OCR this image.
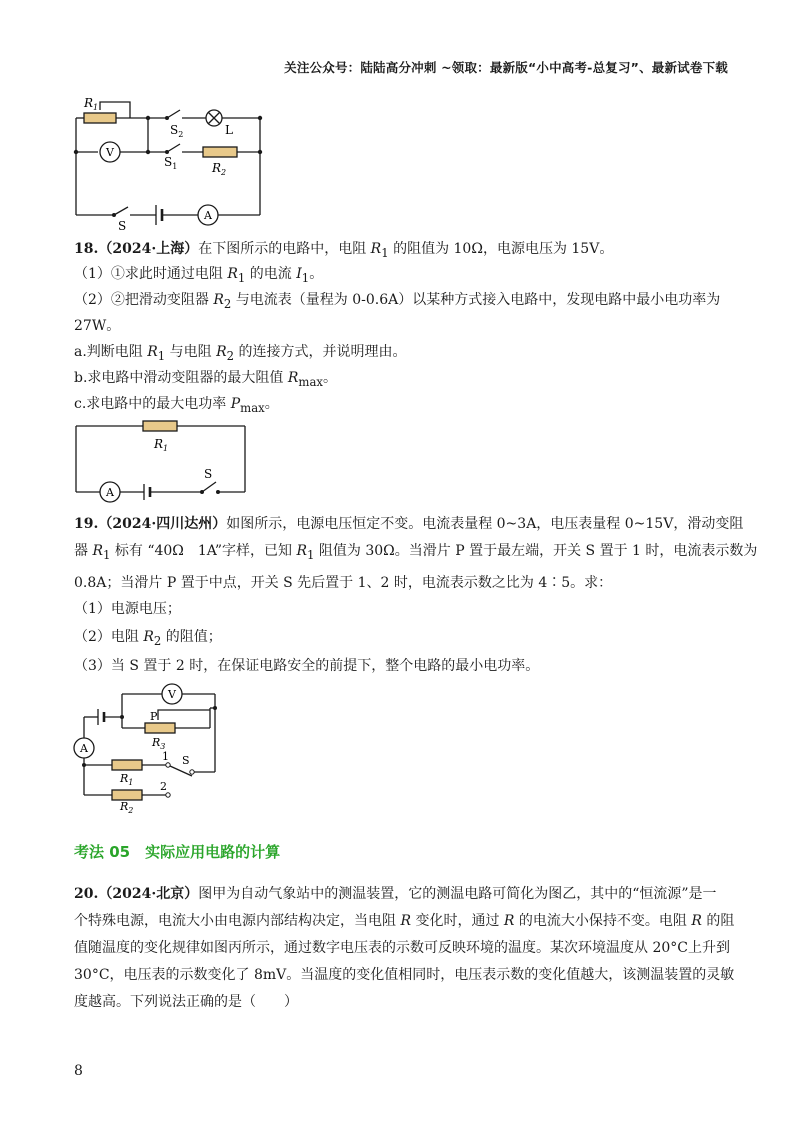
关注公众号：陆陆高分冲刺 ~领取：最新版“小中高考-总复习”、最新试卷下载
$R_1$
$S_2$	L
V
$S_1$	$R_2$
S
A
18.（2024·上海）在下图所示的电路中，电阻 $R_1$ 的阻值为 10Ω，电源电压为 15V。
（1）①求此时通过电阻 $R_1$ 的电流 $I_1$。
（2）②把滑动变阻器 $R_2$ 与电流表（量程为 0-0.6A）以某种方式接入电路中，发现电路中最小电功率为
27W。
a.判断电阻 $R_1$ 与电阻 $R_2$ 的连接方式，并说明理由。
b.求电路中滑动变阻器的最大阻值 $R_{max}$。
c.求电路中的最大电功率 $P_{max}$。
$R_1$
S
A
19.（2024·四川达州）如图所示，电源电压恒定不变。电流表量程 0~3A，电压表量程 0~15V，滑动变阻
器 $R_1$ 标有 “40Ω　1A”字样，已知 $R_1$ 阻值为 30Ω。当滑片 P 置于最左端，开关 S 置于 1 时，电流表示数为
0.8A；当滑片 P 置于中点，开关 S 先后置于 1、2 时，电流表示数之比为 4∶5。求：
（1）电源电压；
（2）电阻 $R_2$ 的阻值；
（3）当 S 置于 2 时，在保证电路安全的前提下，整个电路的最小电功率。
V
P
$R_3$
A
1 S
$R_1$ 2
$R_2$
考法 05　实际应用电路的计算
20.（2024·北京）图甲为自动气象站中的测温装置，它的测温电路可简化为图乙，其中的“恒流源”是一
个特殊电源，电流大小由电源内部结构决定，当电阻 R 变化时，通过 R 的电流大小保持不变。电阻 R 的阻
值随温度的变化规律如图丙所示，通过数字电压表的示数可反映环境的温度。某次环境温度从 20°C上升到
30°C，电压表的示数变化了 8mV。当温度的变化值相同时，电压表示数的变化值越大，该测温装置的灵敏
度越高。下列说法正确的是（　　）
8
